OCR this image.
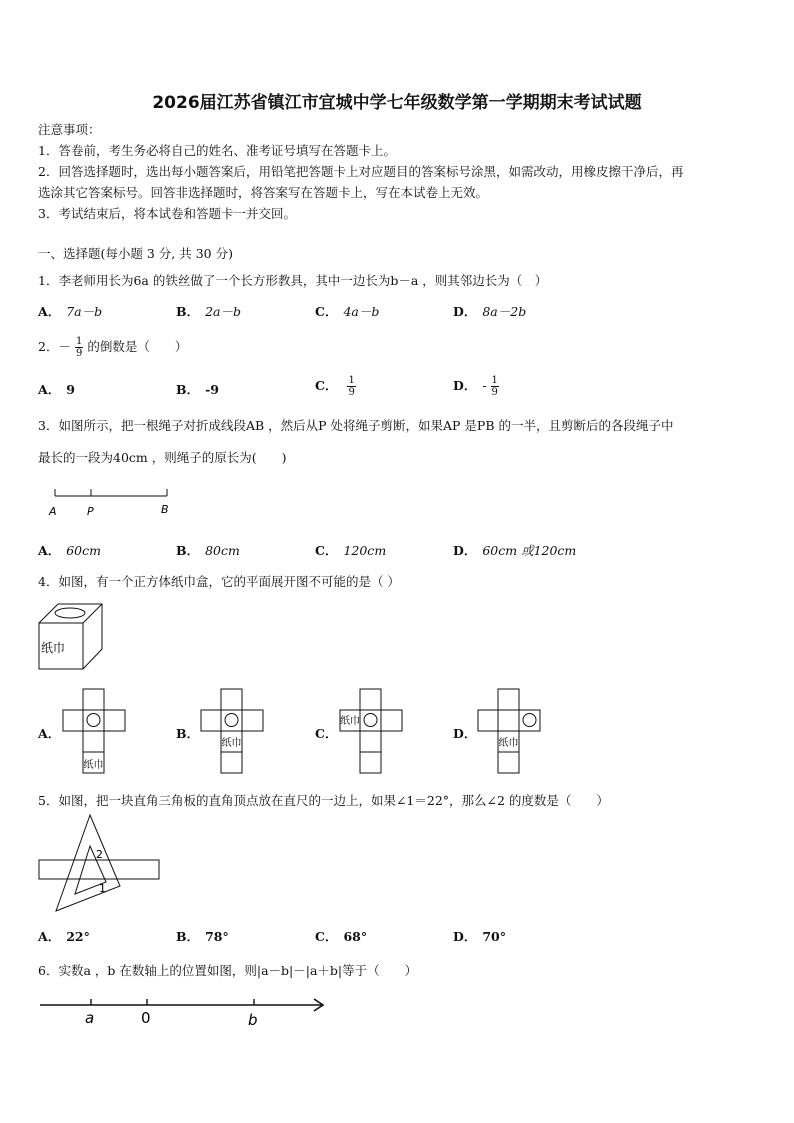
2026届江苏省镇江市宜城中学七年级数学第一学期期末考试试题
注意事项：
1．答卷前，考生务必将自己的姓名、准考证号填写在答题卡上。
2．回答选择题时，选出每小题答案后，用铅笔把答题卡上对应题目的答案标号涂黑，如需改动，用橡皮擦干净后，再
选涂其它答案标号。回答非选择题时，将答案写在答题卡上，写在本试卷上无效。
3．考试结束后，将本试卷和答题卡一并交回。
一、选择题(每小题 3 分, 共 30 分)
1．李老师用长为6a 的铁丝做了一个长方形教具，其中一边长为b－a ，则其邻边长为（　）
A． 7a－b	B． 2a－b	C． 4a－b	D． 8a－2b
2．－ $\frac{1}{9}$ 的倒数是（　　）
A． 9	B． -9	C． $\frac{1}{9}$	D． - $\frac{1}{9}$
3．如图所示，把一根绳子对折成线段AB ，然后从P 处将绳子剪断，如果AP 是PB 的一半，且剪断后的各段绳子中
最长的一段为40cm ，则绳子的原长为(　　)
A	P	B
A． 60cm	B． 80cm	C． 120cm	D． 60cm 或120cm
4．如图，有一个正方体纸巾盒，它的平面展开图不可能的是（ ）
纸巾
A．
纸巾
B．
纸巾
C．
纸巾
D．
纸巾
5．如图，把一块直角三角板的直角顶点放在直尺的一边上，如果∠1＝22°，那么∠2 的度数是（　　）
2
1
A． 22°	B． 78°	C． 68°	D． 70°
6．实数a ，b 在数轴上的位置如图，则|a－b|－|a＋b|等于（　　）
a	0	b
